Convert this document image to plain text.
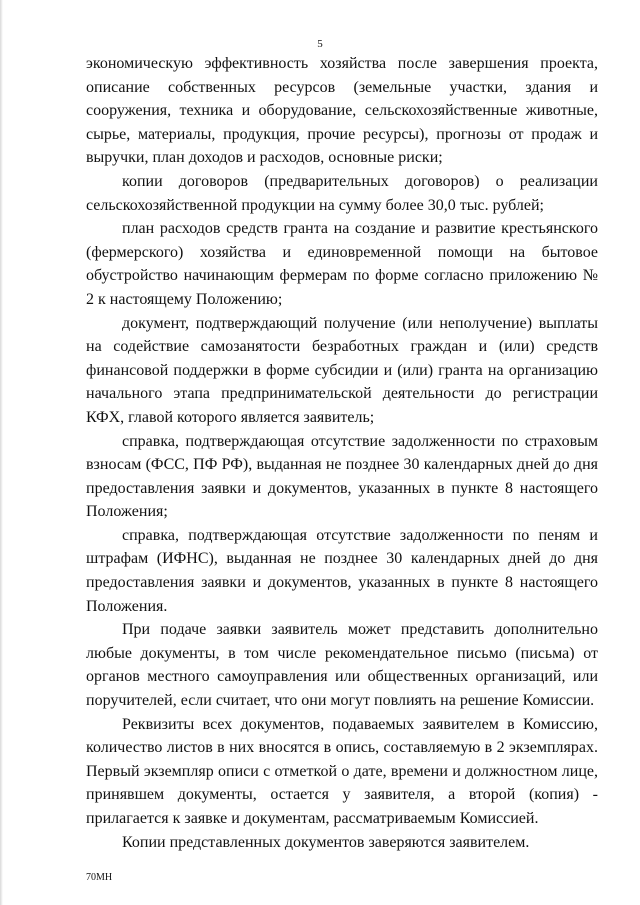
5

экономическую эффективность хозяйства после завершения проекта, описание собственных ресурсов (земельные участки, здания и сооружения, техника и оборудование, сельскохозяйственные животные, сырье, материалы, продукция, прочие ресурсы), прогнозы от продаж и выручки, план доходов и расходов, основные риски;

копии договоров (предварительных договоров) о реализации сельскохозяйственной продукции на сумму более 30,0 тыс. рублей;

план расходов средств гранта на создание и развитие крестьянского (фермерского) хозяйства и единовременной помощи на бытовое обустройство начинающим фермерам по форме согласно приложению № 2 к настоящему Положению;

документ, подтверждающий получение (или неполучение) выплаты на содействие самозанятости безработных граждан и (или) средств финансовой поддержки в форме субсидии и (или) гранта на организацию начального этапа предпринимательской деятельности до регистрации КФХ, главой которого является заявитель;

справка, подтверждающая отсутствие задолженности по страховым взносам (ФСС, ПФ РФ), выданная не позднее 30 календарных дней до дня предоставления заявки и документов, указанных в пункте 8 настоящего Положения;

справка, подтверждающая отсутствие задолженности по пеням и штрафам (ИФНС), выданная не позднее 30 календарных дней до дня предоставления заявки и документов, указанных в пункте 8 настоящего Положения.

При подаче заявки заявитель может представить дополнительно любые документы, в том числе рекомендательное письмо (письма) от органов местного самоуправления или общественных организаций, или поручителей, если считает, что они могут повлиять на решение Комиссии.

Реквизиты всех документов, подаваемых заявителем в Комиссию, количество листов в них вносятся в опись, составляемую в 2 экземплярах. Первый экземпляр описи с отметкой о дате, времени и должностном лице, принявшем документы, остается у заявителя, а второй (копия) - прилагается к заявке и документам, рассматриваемым Комиссией.

Копии представленных документов заверяются заявителем.

70МН
